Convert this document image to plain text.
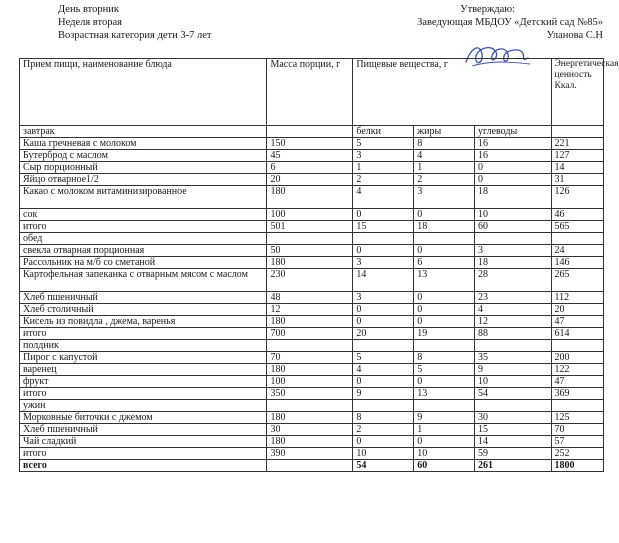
День вторник
Неделя вторая
Возрастная категория дети 3-7 лет
Утверждаю:
Заведующая МБДОУ «Детский сад №85»
Уланова С.Н
Прием пищи, наименование блюда	Масса порции, г	Пищевые вещества, г			Энергетическая ценность Ккал.
завтрак		белки	жиры	углеводы	
Каша гречневая с молоком	150	5	8	16	221
Бутерброд с маслом	45	3	4	16	127
Сыр порционный	6	1	1	0	14
Яйцо отварное1/2	20	2	2	0	31
Какао с молоком витаминизированное	180	4	3	18	126
сок	100	0	0	10	46
итого	501	15	18	60	565
обед					
свекла отварная порционная	50	0	0	3	24
Рассольник на м/б со сметаной	180	3	6	18	146
Картофельная запеканка с отварным мясом с маслом	230	14	13	28	265
Хлеб пшеничный	48	3	0	23	112
Хлеб столичный	12	0	0	4	20
Кисель из повидла , джема, варенья	180	0	0	12	47
итого	700	20	19	88	614
полдник					
Пирог с капустой	70	5	8	35	200
варенец	180	4	5	9	122
фрукт	100	0	0	10	47
итого	350	9	13	54	369
ужин					
Морковные биточки с джемом	180	8	9	30	125
Хлеб пшеничный	30	2	1	15	70
Чай сладкий	180	0	0	14	57
итого	390	10	10	59	252
всего		54	60	261	1800
